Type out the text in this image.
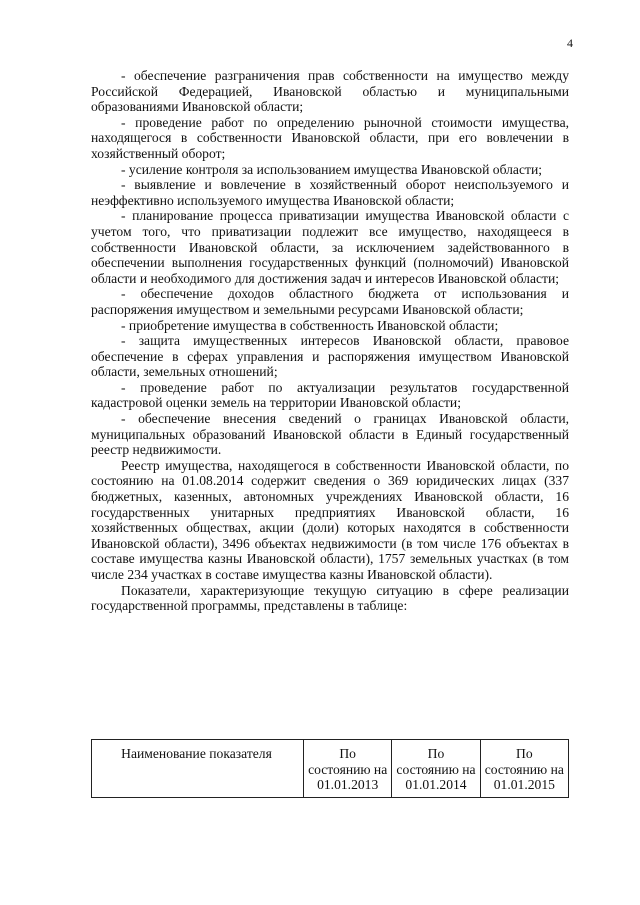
4

- обеспечение разграничения прав собственности на имущество между Российской Федерацией, Ивановской областью и муниципальными образованиями Ивановской области;

- проведение работ по определению рыночной стоимости имущества, находящегося в собственности Ивановской области, при его вовлечении в хозяйственный оборот;

- усиление контроля за использованием имущества Ивановской области;

- выявление и вовлечение в хозяйственный оборот неиспользуемого и неэффективно используемого имущества Ивановской области;

- планирование процесса приватизации имущества Ивановской области с учетом того, что приватизации подлежит все имущество, находящееся в собственности Ивановской области, за исключением задействованного в обеспечении выполнения государственных функций (полномочий) Ивановской области и необходимого для достижения задач и интересов Ивановской области;

- обеспечение доходов областного бюджета от использования и распоряжения имуществом и земельными ресурсами Ивановской области;

- приобретение имущества в собственность Ивановской области;

- защита имущественных интересов Ивановской области, правовое обеспечение в сферах управления и распоряжения имуществом Ивановской области, земельных отношений;

- проведение работ по актуализации результатов государственной кадастровой оценки земель на территории Ивановской области;

- обеспечение внесения сведений о границах Ивановской области, муниципальных образований Ивановской области в Единый государственный реестр недвижимости.

Реестр имущества, находящегося в собственности Ивановской области, по состоянию на 01.08.2014 содержит сведения о 369 юридических лицах (337 бюджетных, казенных, автономных учреждениях Ивановской области, 16 государственных унитарных предприятиях Ивановской области, 16 хозяйственных обществах, акции (доли) которых находятся в собственности Ивановской области), 3496 объектах недвижимости (в том числе 176 объектах в составе имущества казны Ивановской области), 1757 земельных участках (в том числе 234 участках в составе имущества казны Ивановской области).

Показатели, характеризующие текущую ситуацию в сфере реализации государственной программы, представлены в таблице:

Наименование показателя	По состоянию на 01.01.2013	По состоянию на 01.01.2014	По состоянию на 01.01.2015
